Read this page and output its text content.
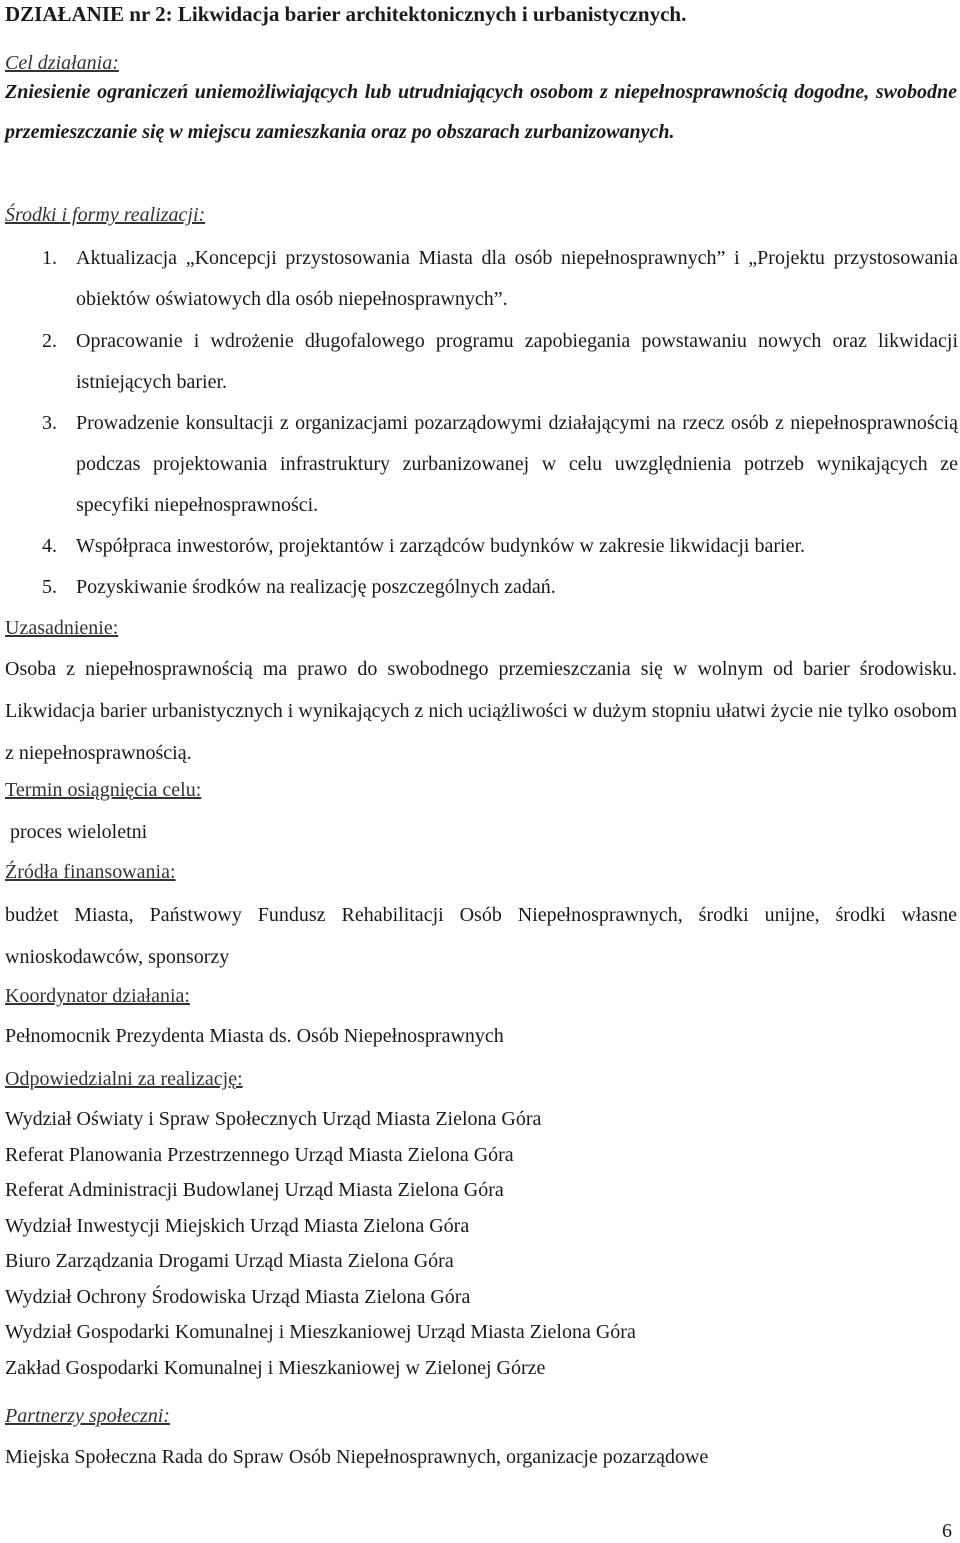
DZIAŁANIE nr 2: Likwidacja barier architektonicznych i urbanistycznych.
Cel działania:
Zniesienie ograniczeń uniemożliwiających lub utrudniających osobom z niepełnosprawnością dogodne, swobodne przemieszczanie się w miejscu zamieszkania oraz po obszarach zurbanizowanych.
Środki i formy realizacji:
1. Aktualizacja „Koncepcji przystosowania Miasta dla osób niepełnosprawnych” i „Projektu przystosowania obiektów oświatowych dla osób niepełnosprawnych”.
2. Opracowanie i wdrożenie długofalowego programu zapobiegania powstawaniu nowych oraz likwidacji istniejących barier.
3. Prowadzenie konsultacji z organizacjami pozarządowymi działającymi na rzecz osób z niepełnosprawnością podczas projektowania infrastruktury zurbanizowanej w celu uwzględnienia potrzeb wynikających ze specyfiki niepełnosprawności.
4. Współpraca inwestorów, projektantów i zarządców budynków w zakresie likwidacji barier.
5. Pozyskiwanie środków na realizację poszczególnych zadań.
Uzasadnienie:
Osoba z niepełnosprawnością ma prawo do swobodnego przemieszczania się w wolnym od barier środowisku. Likwidacja barier urbanistycznych i wynikających z nich uciążliwości w dużym stopniu ułatwi życie nie tylko osobom z niepełnosprawnością.
Termin osiągnięcia celu:
proces wieloletni
Źródła finansowania:
budżet Miasta, Państwowy Fundusz Rehabilitacji Osób Niepełnosprawnych, środki unijne, środki własne wnioskodawców, sponsorzy
Koordynator działania:
Pełnomocnik Prezydenta Miasta ds. Osób Niepełnosprawnych
Odpowiedzialni za realizację:
Wydział Oświaty i Spraw Społecznych Urząd Miasta Zielona Góra
Referat Planowania Przestrzennego Urząd Miasta Zielona Góra
Referat Administracji Budowlanej Urząd Miasta Zielona Góra
Wydział Inwestycji Miejskich Urząd Miasta Zielona Góra
Biuro Zarządzania Drogami Urząd Miasta Zielona Góra
Wydział Ochrony Środowiska Urząd Miasta Zielona Góra
Wydział Gospodarki Komunalnej i Mieszkaniowej Urząd Miasta Zielona Góra
Zakład Gospodarki Komunalnej i Mieszkaniowej w Zielonej Górze
Partnerzy społeczni:
Miejska Społeczna Rada do Spraw Osób Niepełnosprawnych, organizacje pozarządowe
6
